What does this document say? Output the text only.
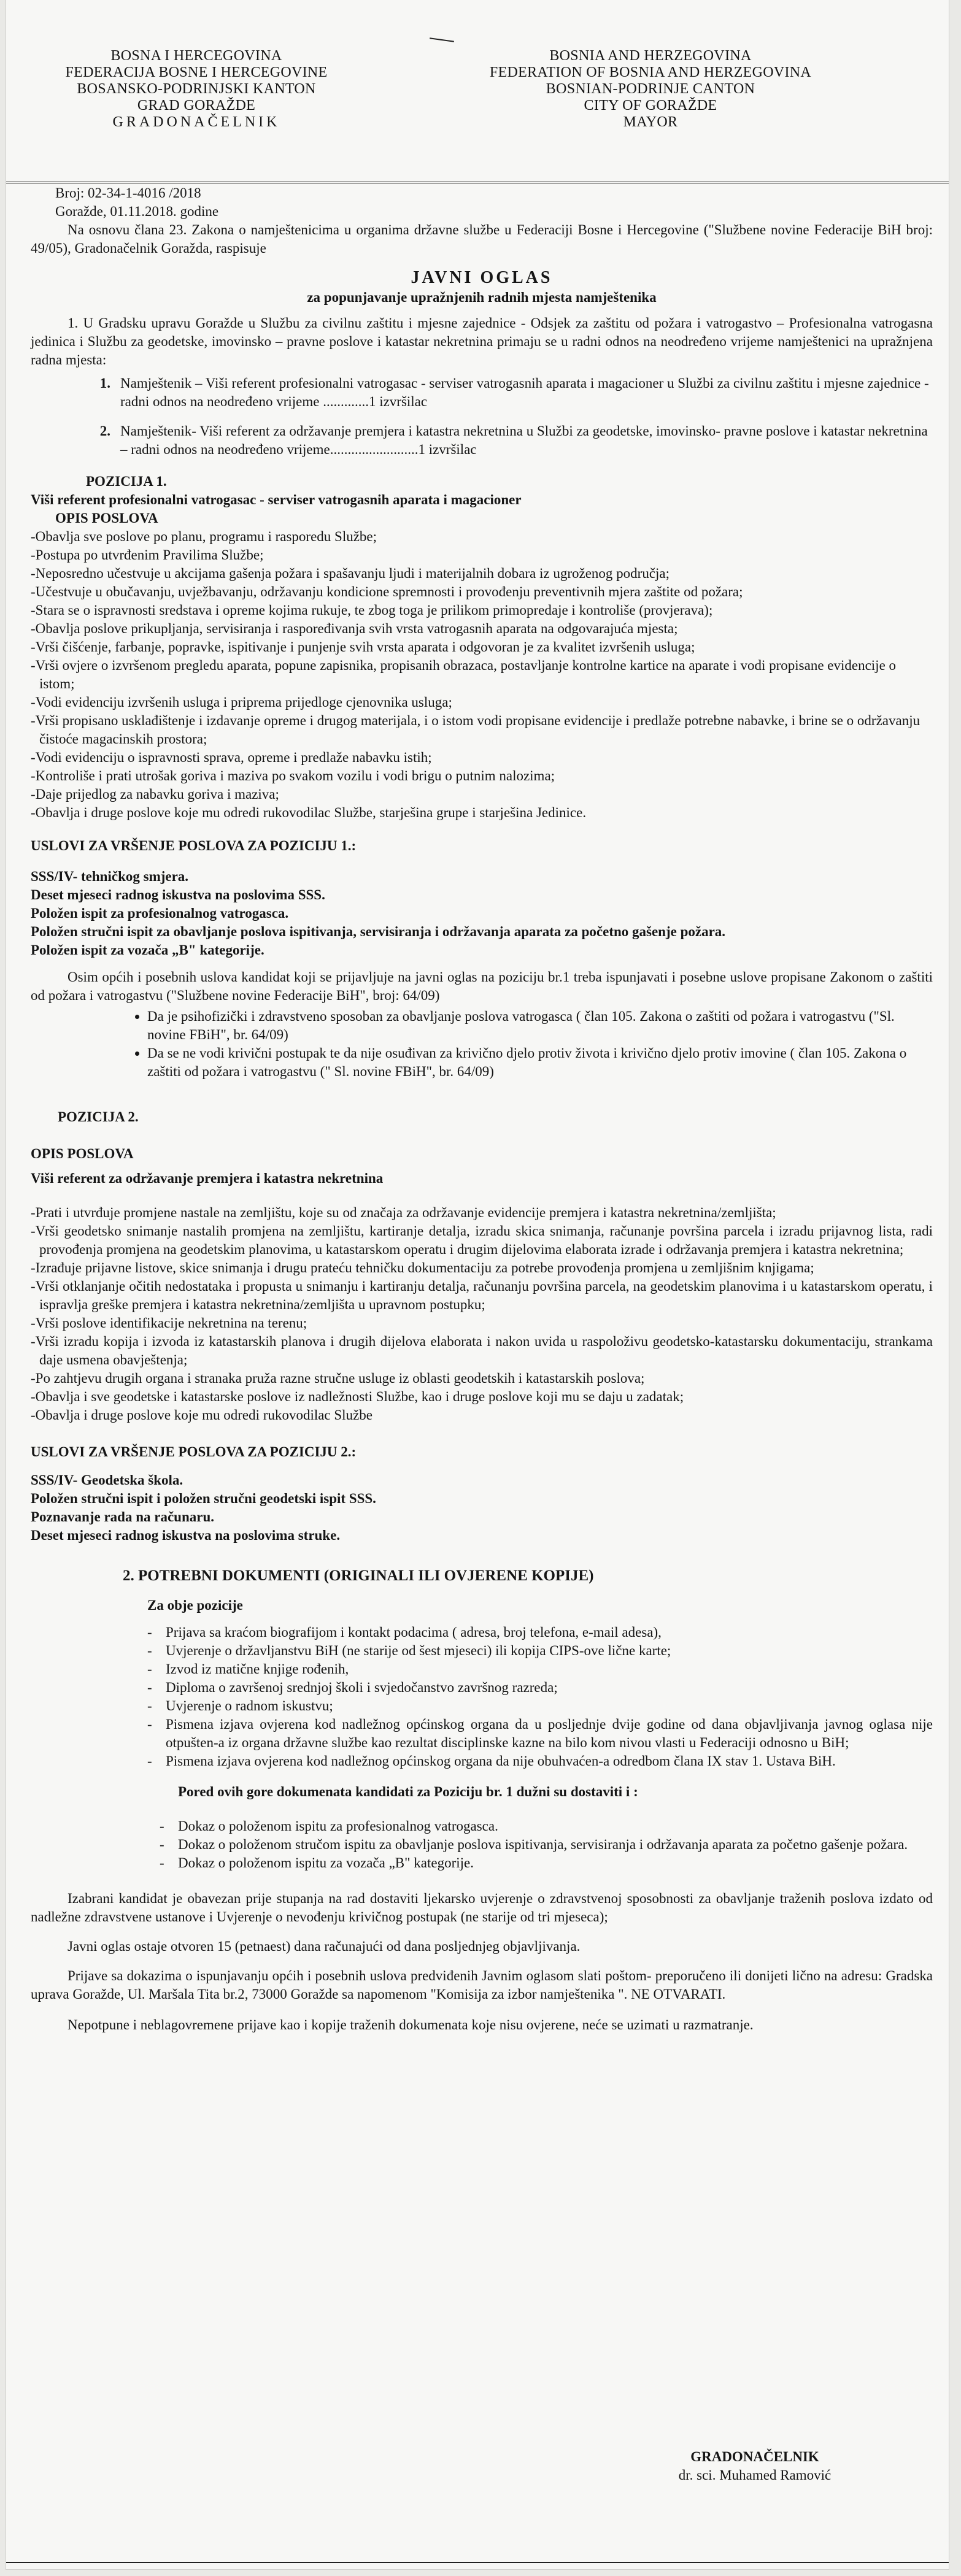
BOSNA I HERCEGOVINA
FEDERACIJA BOSNE I HERCEGOVINE
BOSANSKO-PODRINJSKI KANTON
GRAD GORAŽDE
GRADONAČELNIK
BOSNIA AND HERZEGOVINA
FEDERATION OF BOSNIA AND HERZEGOVINA
BOSNIAN-PODRINJE CANTON
CITY OF GORAŽDE
MAYOR

Broj: 02-34-1-4016 /2018

Goražde, 01.11.2018. godine

Na osnovu člana 23. Zakona o namještenicima u organima državne službe u Federaciji Bosne i Hercegovine ("Službene novine Federacije BiH broj: 49/05), Gradonačelnik Goražda, raspisuje

JAVNI OGLAS

za popunjavanje upražnjenih radnih mjesta namještenika

1. U Gradsku upravu Goražde u Službu za civilnu zaštitu i mjesne zajednice - Odsjek za zaštitu od požara i vatrogastvo – Profesionalna vatrogasna jedinica i Službu za geodetske, imovinsko – pravne poslove i katastar nekretnina primaju se u radni odnos na neodređeno vrijeme namještenici na upražnjena radna mjesta:

1. Namještenik – Viši referent profesionalni vatrogasac - serviser vatrogasnih aparata i magacioner u Službi za civilnu zaštitu i mjesne zajednice - radni odnos na neodređeno vrijeme .............1 izvršilac
2. Namještenik- Viši referent za održavanje premjera i katastra nekretnina u Službi za geodetske, imovinsko- pravne poslove i katastar nekretnina – radni odnos na neodređeno vrijeme.........................1 izvršilac

POZICIJA 1.

Viši referent profesionalni vatrogasac - serviser vatrogasnih aparata i magacioner

OPIS POSLOVA

- Obavlja sve poslove po planu, programu i rasporedu Službe;
- Postupa po utvrđenim Pravilima Službe;
- Neposredno učestvuje u akcijama gašenja požara i spašavanju ljudi i materijalnih dobara iz ugroženog područja;
- Učestvuje u obučavanju, uvježbavanju, održavanju kondicione spremnosti i provođenju preventivnih mjera zaštite od požara;
- Stara se o ispravnosti sredstava i opreme kojima rukuje, te zbog toga je prilikom primopredaje i kontroliše (provjerava);
- Obavlja poslove prikupljanja, servisiranja i raspoređivanja svih vrsta vatrogasnih aparata na odgovarajuća mjesta;
- Vrši čišćenje, farbanje, popravke, ispitivanje i punjenje svih vrsta aparata i odgovoran je za kvalitet izvršenih usluga;
- Vrši ovjere o izvršenom pregledu aparata, popune zapisnika, propisanih obrazaca, postavljanje kontrolne kartice na aparate i vodi propisane evidencije o istom;
- Vodi evidenciju izvršenih usluga i priprema prijedloge cjenovnika usluga;
- Vrši propisano usklađištenje i izdavanje opreme i drugog materijala, i o istom vodi propisane evidencije i predlaže potrebne nabavke, i brine se o održavanju čistoće magacinskih prostora;
- Vodi evidenciju o ispravnosti sprava, opreme i predlaže nabavku istih;
- Kontroliše i prati utrošak goriva i maziva po svakom vozilu i vodi brigu o putnim nalozima;
- Daje prijedlog za nabavku goriva i maziva;
- Obavlja i druge poslove koje mu odredi rukovodilac Službe, starješina grupe i starješina Jedinice.

USLOVI ZA VRŠENJE POSLOVA ZA POZICIJU 1.:

SSS/IV- tehničkog smjera.

Deset mjeseci radnog iskustva na poslovima SSS.

Položen ispit za profesionalnog vatrogasca.

Položen stručni ispit za obavljanje poslova ispitivanja, servisiranja i održavanja aparata za početno gašenje požara.

Položen ispit za vozača „B" kategorije.

Osim općih i posebnih uslova kandidat koji se prijavljuje na javni oglas na poziciju br.1 treba ispunjavati i posebne uslove propisane Zakonom o zaštiti od požara i vatrogastvu ("Službene novine Federacije BiH", broj: 64/09)

• Da je psihofizički i zdravstveno sposoban za obavljanje poslova vatrogasca ( član 105. Zakona o zaštiti od požara i vatrogastvu ("Sl. novine FBiH", br. 64/09)
• Da se ne vodi krivični postupak te da nije osuđivan za krivično djelo protiv života i krivično djelo protiv imovine ( član 105. Zakona o zaštiti od požara i vatrogastvu (" Sl. novine FBiH", br. 64/09)

POZICIJA 2.

OPIS POSLOVA

Viši referent za održavanje premjera i katastra nekretnina

- Prati i utvrđuje promjene nastale na zemljištu, koje su od značaja za održavanje evidencije premjera i katastra nekretnina/zemljišta;
- Vrši geodetsko snimanje nastalih promjena na zemljištu, kartiranje detalja, izradu skica snimanja, računanje površina parcela i izradu prijavnog lista, radi provođenja promjena na geodetskim planovima, u katastarskom operatu i drugim dijelovima elaborata izrade i održavanja premjera i katastra nekretnina;
- Izrađuje prijavne listove, skice snimanja i drugu prateću tehničku dokumentaciju za potrebe provođenja promjena u zemljišnim knjigama;
- Vrši otklanjanje očitih nedostataka i propusta u snimanju i kartiranju detalja, računanju površina parcela, na geodetskim planovima i u katastarskom operatu, i ispravlja greške premjera i katastra nekretnina/zemljišta u upravnom postupku;
- Vrši poslove identifikacije nekretnina na terenu;
- Vrši izradu kopija i izvoda iz katastarskih planova i drugih dijelova elaborata i nakon uvida u raspoloživu geodetsko-katastarsku dokumentaciju, strankama daje usmena obavještenja;
- Po zahtjevu drugih organa i stranaka pruža razne stručne usluge iz oblasti geodetskih i katastarskih poslova;
- Obavlja i sve geodetske i katastarske poslove iz nadležnosti Službe, kao i druge poslove koji mu se daju u zadatak;
- Obavlja i druge poslove koje mu odredi rukovodilac Službe

USLOVI ZA VRŠENJE POSLOVA ZA POZICIJU 2.:

SSS/IV- Geodetska škola.

Položen stručni ispit i položen stručni geodetski ispit SSS.

Poznavanje rada na računaru.

Deset mjeseci radnog iskustva na poslovima struke.

2. POTREBNI DOKUMENTI (ORIGINALI ILI OVJERENE KOPIJE)

Za obje pozicije

- Prijava sa kraćom biografijom i kontakt podacima ( adresa, broj telefona, e-mail adesa),
- Uvjerenje o državljanstvu BiH (ne starije od šest mjeseci) ili kopija CIPS-ove lične karte;
- Izvod iz matične knjige rođenih,
- Diploma o završenoj srednjoj školi i svjedočanstvo završnog razreda;
- Uvjerenje o radnom iskustvu;
- Pismena izjava ovjerena kod nadležnog općinskog organa da u posljednje dvije godine od dana objavljivanja javnog oglasa nije otpušten-a iz organa državne službe kao rezultat disciplinske kazne na bilo kom nivou vlasti u Federaciji odnosno u BiH;
- Pismena izjava ovjerena kod nadležnog općinskog organa da nije obuhvaćen-a odredbom člana IX stav 1. Ustava BiH.

Pored ovih gore dokumenata kandidati za Poziciju br. 1 dužni su dostaviti i :

- Dokaz o položenom ispitu za profesionalnog vatrogasca.
- Dokaz o položenom stručom ispitu za obavljanje poslova ispitivanja, servisiranja i održavanja aparata za početno gašenje požara.
- Dokaz o položenom ispitu za vozača „B" kategorije.

Izabrani kandidat je obavezan prije stupanja na rad dostaviti ljekarsko uvjerenje o zdravstvenoj sposobnosti za obavljanje traženih poslova izdato od nadležne zdravstvene ustanove i Uvjerenje o nevođenju krivičnog postupak (ne starije od tri mjeseca);

Javni oglas ostaje otvoren 15 (petnaest) dana računajući od dana posljednjeg objavljivanja.

Prijave sa dokazima o ispunjavanju općih i posebnih uslova predviđenih Javnim oglasom slati poštom- preporučeno ili donijeti lično na adresu: Gradska uprava Goražde, Ul. Maršala Tita br.2, 73000 Goražde sa napomenom "Komisija za izbor namještenika ". NE OTVARATI.

Nepotpune i neblagovremene prijave kao i kopije traženih dokumenata koje nisu ovjerene, neće se uzimati u razmatranje.

GRADONAČELNIK
dr. sci. Muhamed Ramović
